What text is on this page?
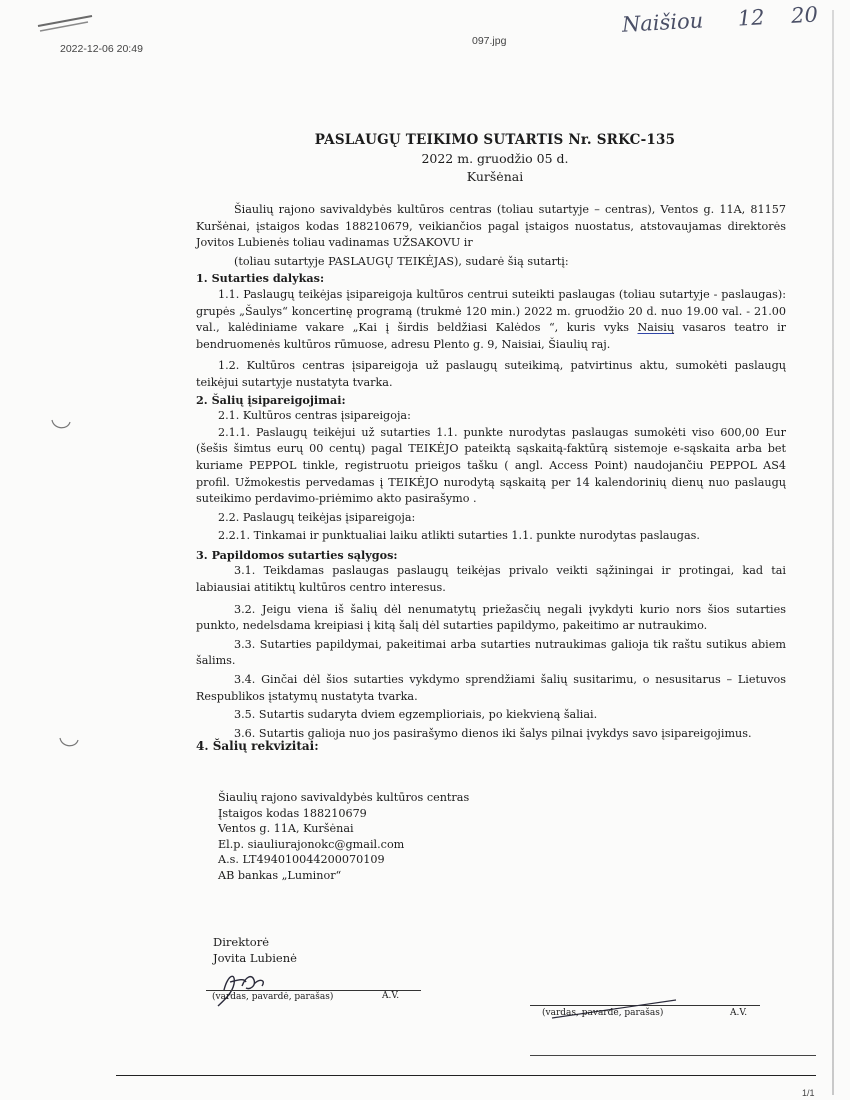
2022-12-06 20:49
097.jpg
Naišiou 12 20
PASLAUGŲ TEIKIMO SUTARTIS Nr. SRKC-135
2022 m. gruodžio 05 d.
Kuršėnai

Šiaulių rajono savivaldybės kultūros centras (toliau sutartyje – centras), Ventos g. 11A, 81157 Kuršėnai, įstaigos kodas 188210679, veikiančios pagal įstaigos nuostatus, atstovaujamas direktorės Jovitos Lubienės toliau vadinamas UŽSAKOVU ir

(toliau sutartyje PASLAUGŲ TEIKĖJAS), sudarė šią sutartį:

1. Sutarties dalykas:

1.1. Paslaugų teikėjas įsipareigoja kultūros centrui suteikti paslaugas (toliau sutartyje - paslaugas): grupės „Šaulys“ koncertinę programą (trukmė 120 min.) 2022 m. gruodžio 20 d. nuo 19.00 val. - 21.00 val., kalėdiniame vakare „Kai į širdis beldžiasi Kalėdos “, kuris vyks Naisių vasaros teatro ir bendruomenės kultūros rūmuose, adresu Plento g. 9, Naisiai, Šiaulių raj.

1.2. Kultūros centras įsipareigoja už paslaugų suteikimą, patvirtinus aktu, sumokėti paslaugų teikėjui sutartyje nustatyta tvarka.

2. Šalių įsipareigojimai:

2.1. Kultūros centras įsipareigoja:

2.1.1. Paslaugų teikėjui už sutarties 1.1. punkte nurodytas paslaugas sumokėti viso 600,00 Eur (šešis šimtus eurų 00 centų) pagal TEIKĖJO pateiktą sąskaitą-faktūrą sistemoje e-sąskaita arba bet kuriame PEPPOL tinkle, registruotu prieigos tašku ( angl. Access Point) naudojančiu PEPPOL AS4 profil. Užmokestis pervedamas į TEIKĖJO nurodytą sąskaitą per 14 kalendorinių dienų nuo paslaugų suteikimo perdavimo-priėmimo akto pasirašymo .

2.2. Paslaugų teikėjas įsipareigoja:

2.2.1. Tinkamai ir punktualiai laiku atlikti sutarties 1.1. punkte nurodytas paslaugas.

3. Papildomos sutarties sąlygos:

3.1. Teikdamas paslaugas paslaugų teikėjas privalo veikti sąžiningai ir protingai, kad tai labiausiai atitiktų kultūros centro interesus.

3.2. Jeigu viena iš šalių dėl nenumatytų priežasčių negali įvykdyti kurio nors šios sutarties punkto, nedelsdama kreipiasi į kitą šalį dėl sutarties papildymo, pakeitimo ar nutraukimo.

3.3. Sutarties papildymai, pakeitimai arba sutarties nutraukimas galioja tik raštu sutikus abiem šalims.

3.4. Ginčai dėl šios sutarties vykdymo sprendžiami šalių susitarimu, o nesusitarus – Lietuvos Respublikos įstatymų nustatyta tvarka.

3.5. Sutartis sudaryta dviem egzemplioriais, po kiekvieną šaliai.

3.6. Sutartis galioja nuo jos pasirašymo dienos iki šalys pilnai įvykdys savo įsipareigojimus.

4. Šalių rekvizitai:
Šiaulių rajono savivaldybės kultūros centras
Įstaigos kodas 188210679
Ventos g. 11A, Kuršėnai
El.p. siauliurajonokc@gmail.com
A.s. LT494010044200070109
AB bankas „Luminor“
Direktorė
Jovita Lubienė
(vardas, pavardė, parašas)	A.V.
(vardas, pavardė, parašas)	A.V.
1/1
